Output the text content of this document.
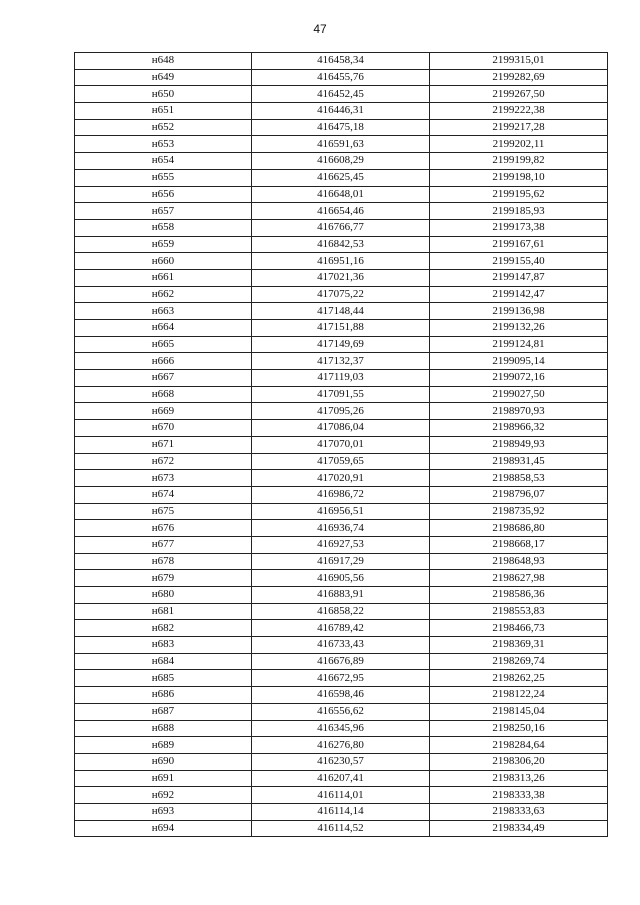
47
н648	416458,34	2199315,01
н649	416455,76	2199282,69
н650	416452,45	2199267,50
н651	416446,31	2199222,38
н652	416475,18	2199217,28
н653	416591,63	2199202,11
н654	416608,29	2199199,82
н655	416625,45	2199198,10
н656	416648,01	2199195,62
н657	416654,46	2199185,93
н658	416766,77	2199173,38
н659	416842,53	2199167,61
н660	416951,16	2199155,40
н661	417021,36	2199147,87
н662	417075,22	2199142,47
н663	417148,44	2199136,98
н664	417151,88	2199132,26
н665	417149,69	2199124,81
н666	417132,37	2199095,14
н667	417119,03	2199072,16
н668	417091,55	2199027,50
н669	417095,26	2198970,93
н670	417086,04	2198966,32
н671	417070,01	2198949,93
н672	417059,65	2198931,45
н673	417020,91	2198858,53
н674	416986,72	2198796,07
н675	416956,51	2198735,92
н676	416936,74	2198686,80
н677	416927,53	2198668,17
н678	416917,29	2198648,93
н679	416905,56	2198627,98
н680	416883,91	2198586,36
н681	416858,22	2198553,83
н682	416789,42	2198466,73
н683	416733,43	2198369,31
н684	416676,89	2198269,74
н685	416672,95	2198262,25
н686	416598,46	2198122,24
н687	416556,62	2198145,04
н688	416345,96	2198250,16
н689	416276,80	2198284,64
н690	416230,57	2198306,20
н691	416207,41	2198313,26
н692	416114,01	2198333,38
н693	416114,14	2198333,63
н694	416114,52	2198334,49
